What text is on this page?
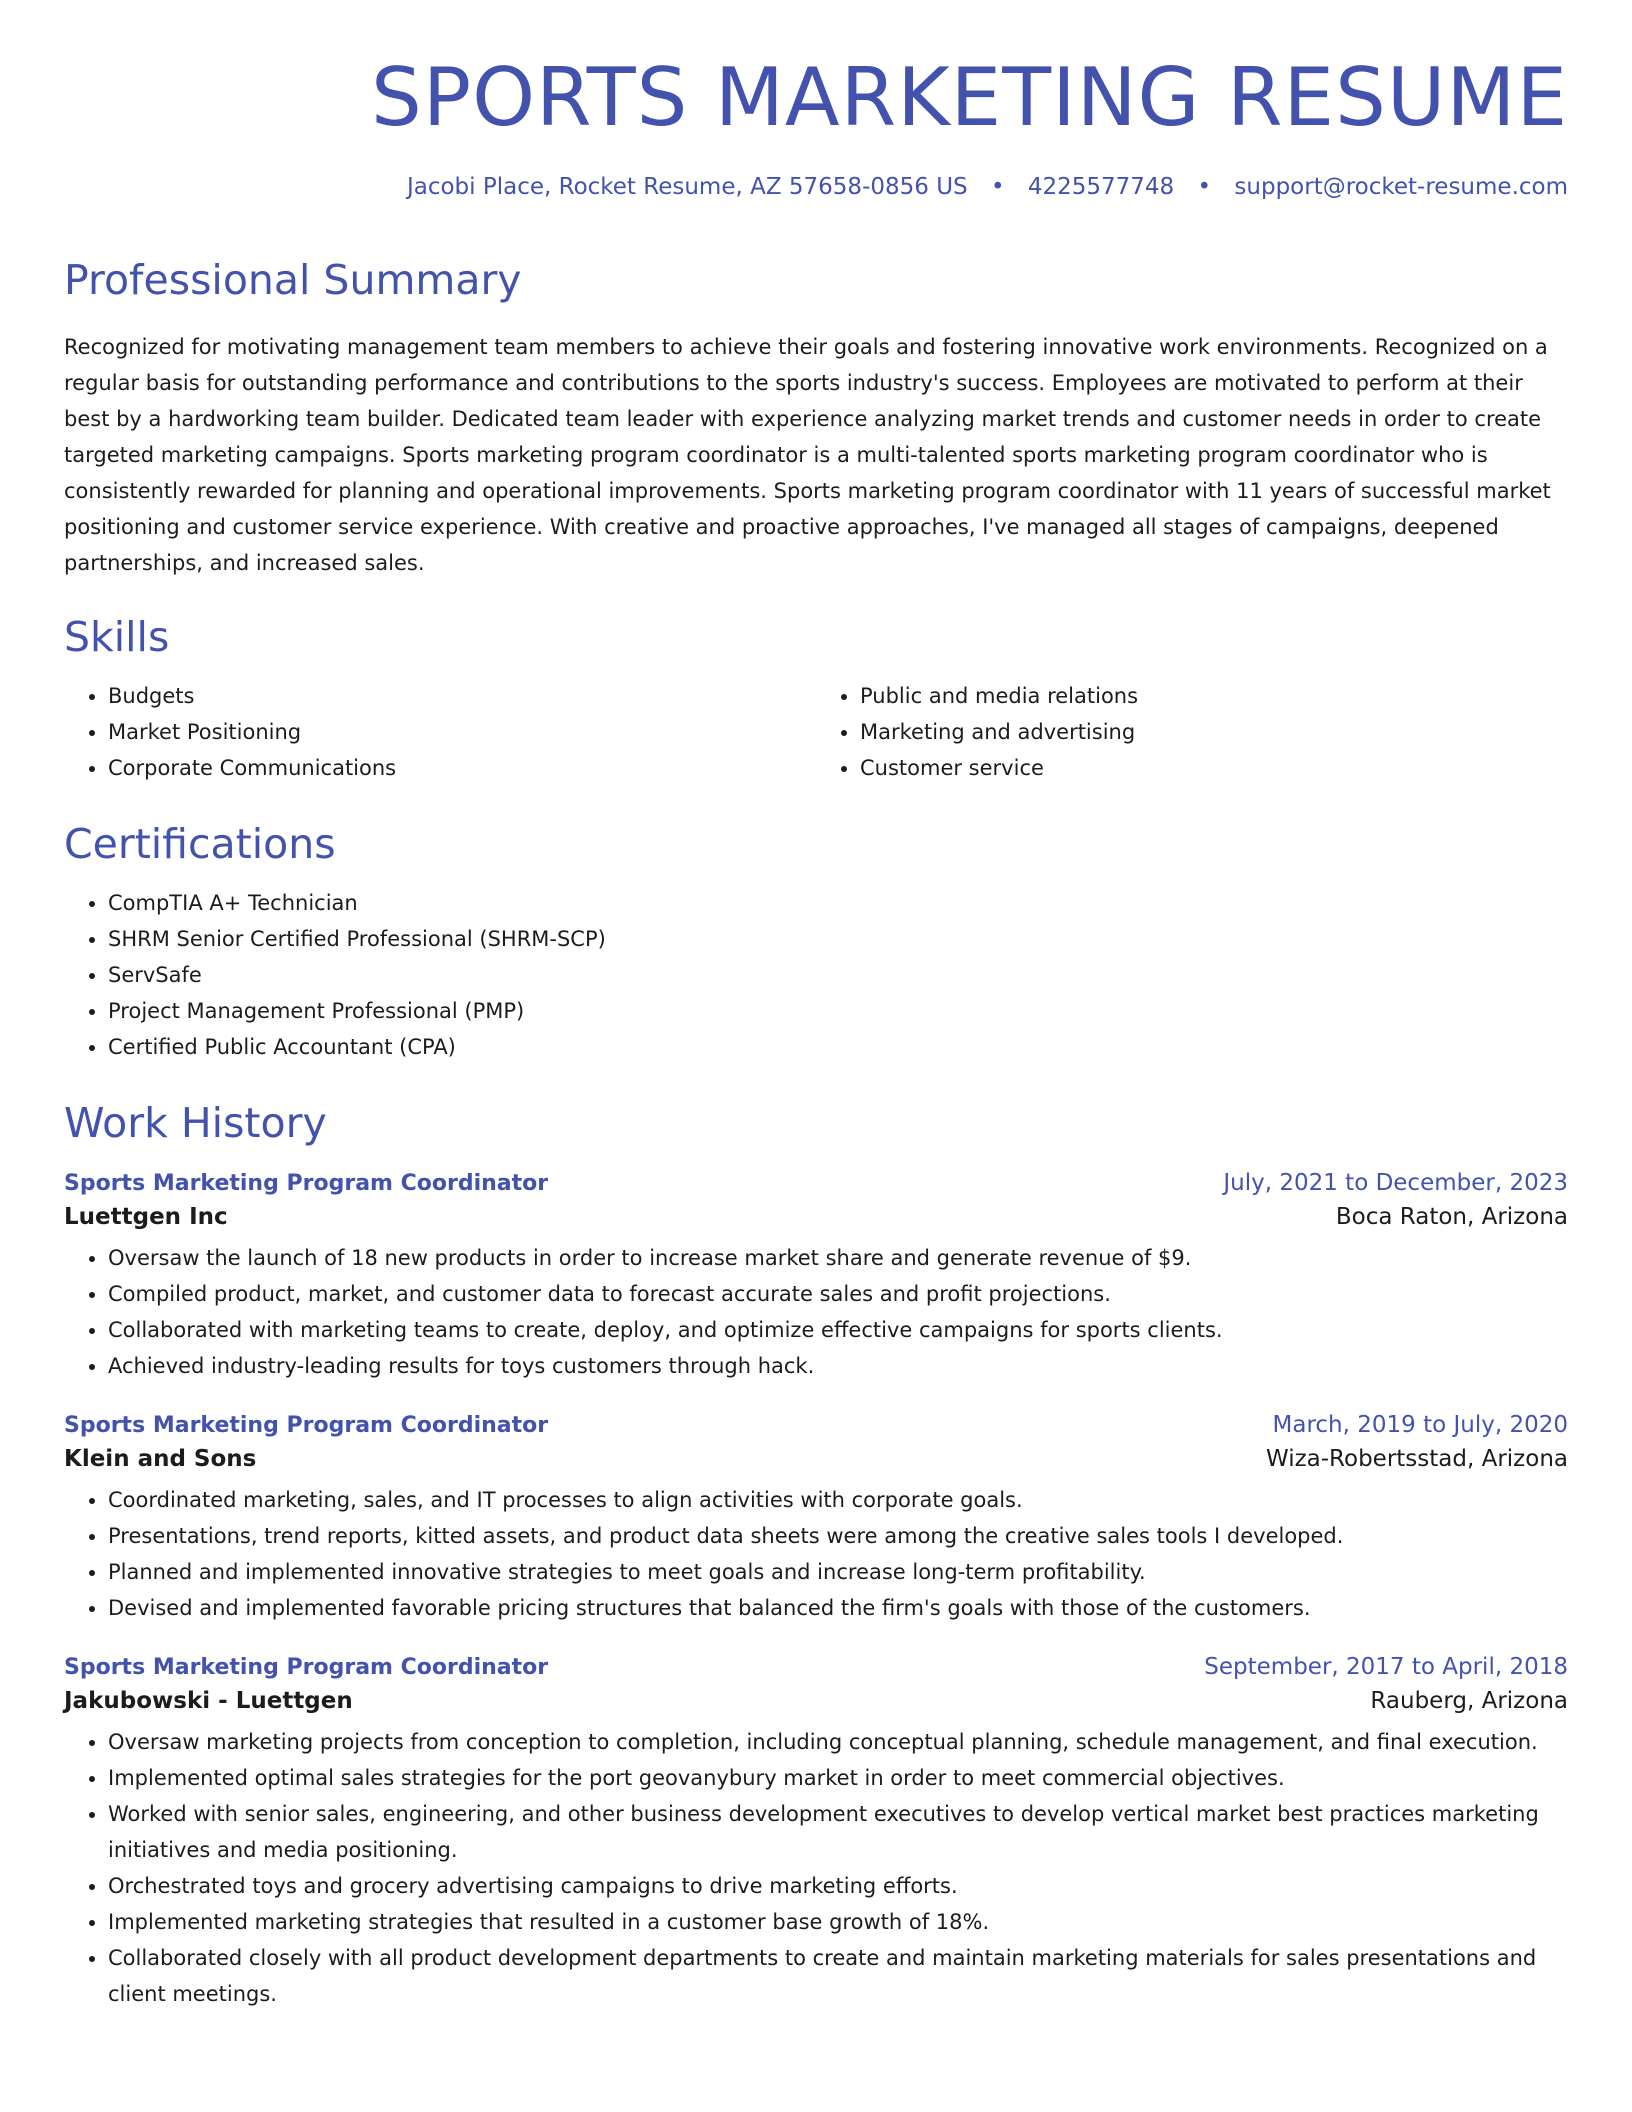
SPORTS MARKETING RESUME
Jacobi Place, Rocket Resume, AZ 57658-0856 US • 4225577748 • support@rocket-resume.com
Professional Summary
Recognized for motivating management team members to achieve their goals and fostering innovative work environments. Recognized on a regular basis for outstanding performance and contributions to the sports industry's success. Employees are motivated to perform at their best by a hardworking team builder. Dedicated team leader with experience analyzing market trends and customer needs in order to create targeted marketing campaigns. Sports marketing program coordinator is a multi-talented sports marketing program coordinator who is consistently rewarded for planning and operational improvements. Sports marketing program coordinator with 11 years of successful market positioning and customer service experience. With creative and proactive approaches, I've managed all stages of campaigns, deepened partnerships, and increased sales.
Skills
• Budgets
• Market Positioning
• Corporate Communications
• Public and media relations
• Marketing and advertising
• Customer service
Certifications
• CompTIA A+ Technician
• SHRM Senior Certified Professional (SHRM-SCP)
• ServSafe
• Project Management Professional (PMP)
• Certified Public Accountant (CPA)
Work History
Sports Marketing Program Coordinator	July, 2021 to December, 2023
Luettgen Inc	Boca Raton, Arizona
• Oversaw the launch of 18 new products in order to increase market share and generate revenue of $9.
• Compiled product, market, and customer data to forecast accurate sales and profit projections.
• Collaborated with marketing teams to create, deploy, and optimize effective campaigns for sports clients.
• Achieved industry-leading results for toys customers through hack.
Sports Marketing Program Coordinator	March, 2019 to July, 2020
Klein and Sons	Wiza-Robertsstad, Arizona
• Coordinated marketing, sales, and IT processes to align activities with corporate goals.
• Presentations, trend reports, kitted assets, and product data sheets were among the creative sales tools I developed.
• Planned and implemented innovative strategies to meet goals and increase long-term profitability.
• Devised and implemented favorable pricing structures that balanced the firm's goals with those of the customers.
Sports Marketing Program Coordinator	September, 2017 to April, 2018
Jakubowski - Luettgen	Rauberg, Arizona
• Oversaw marketing projects from conception to completion, including conceptual planning, schedule management, and final execution.
• Implemented optimal sales strategies for the port geovanybury market in order to meet commercial objectives.
• Worked with senior sales, engineering, and other business development executives to develop vertical market best practices marketing initiatives and media positioning.
• Orchestrated toys and grocery advertising campaigns to drive marketing efforts.
• Implemented marketing strategies that resulted in a customer base growth of 18%.
• Collaborated closely with all product development departments to create and maintain marketing materials for sales presentations and client meetings.
